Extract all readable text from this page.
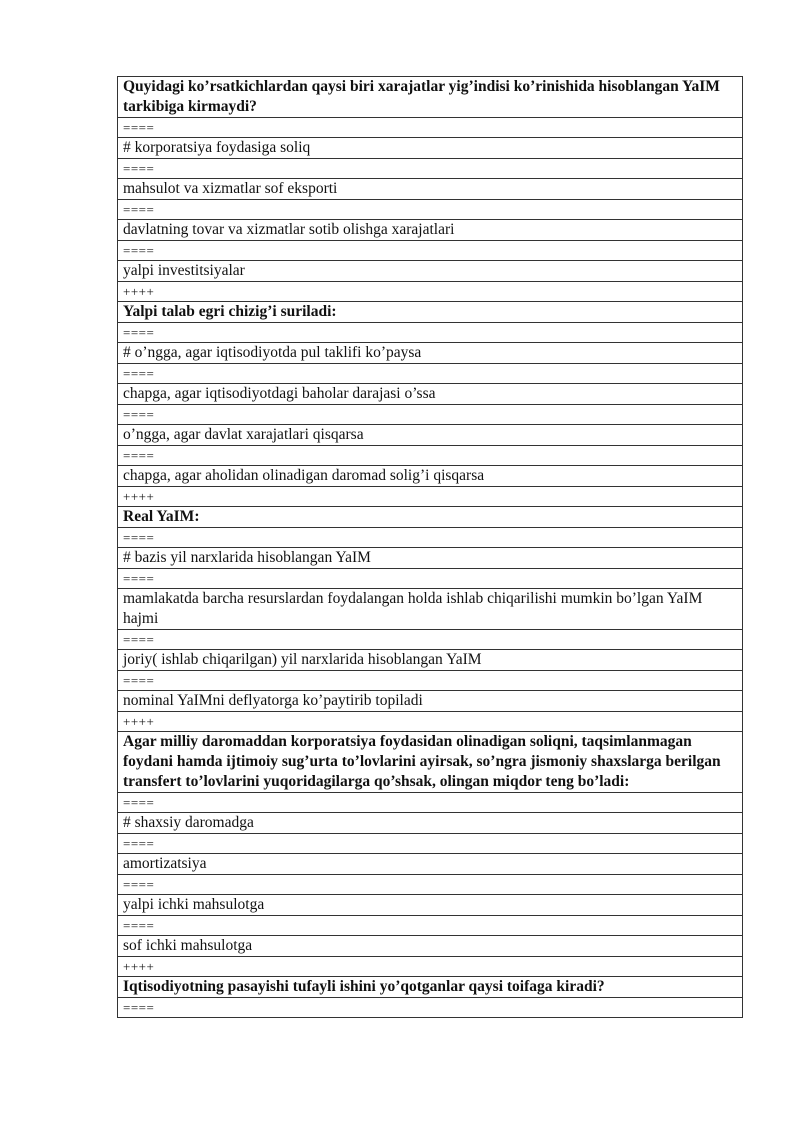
Quyidagi ko’rsatkichlardan qaysi biri xarajatlar yig’indisi ko’rinishida hisoblangan YaIM tarkibiga kirmaydi?
====
# korporatsiya foydasiga soliq
====
mahsulot va xizmatlar sof eksporti
====
davlatning tovar va xizmatlar sotib olishga xarajatlari
====
yalpi investitsiyalar
++++
Yalpi talab egri chizig’i suriladi:
====
# o’ngga, agar iqtisodiyotda pul taklifi ko’paysa
====
chapga, agar iqtisodiyotdagi baholar darajasi o’ssa
====
o’ngga, agar davlat xarajatlari qisqarsa
====
chapga, agar aholidan olinadigan daromad solig’i qisqarsa
++++
Real YaIM:
====
# bazis yil narxlarida hisoblangan YaIM
====
mamlakatda barcha resurslardan foydalangan holda ishlab chiqarilishi mumkin bo’lgan YaIM hajmi
====
joriy( ishlab chiqarilgan) yil narxlarida hisoblangan YaIM
====
nominal YaIMni deflyatorga ko’paytirib topiladi
++++
Agar milliy daromaddan korporatsiya foydasidan olinadigan soliqni, taqsimlanmagan foydani hamda ijtimoiy sug’urta to’lovlarini ayirsak, so’ngra jismoniy shaxslarga berilgan transfert to’lovlarini yuqoridagilarga qo’shsak, olingan miqdor teng bo’ladi:
====
# shaxsiy daromadga
====
amortizatsiya
====
yalpi ichki mahsulotga
====
sof ichki mahsulotga
++++
Iqtisodiyotning pasayishi tufayli ishini yo’qotganlar qaysi toifaga kiradi?
====
